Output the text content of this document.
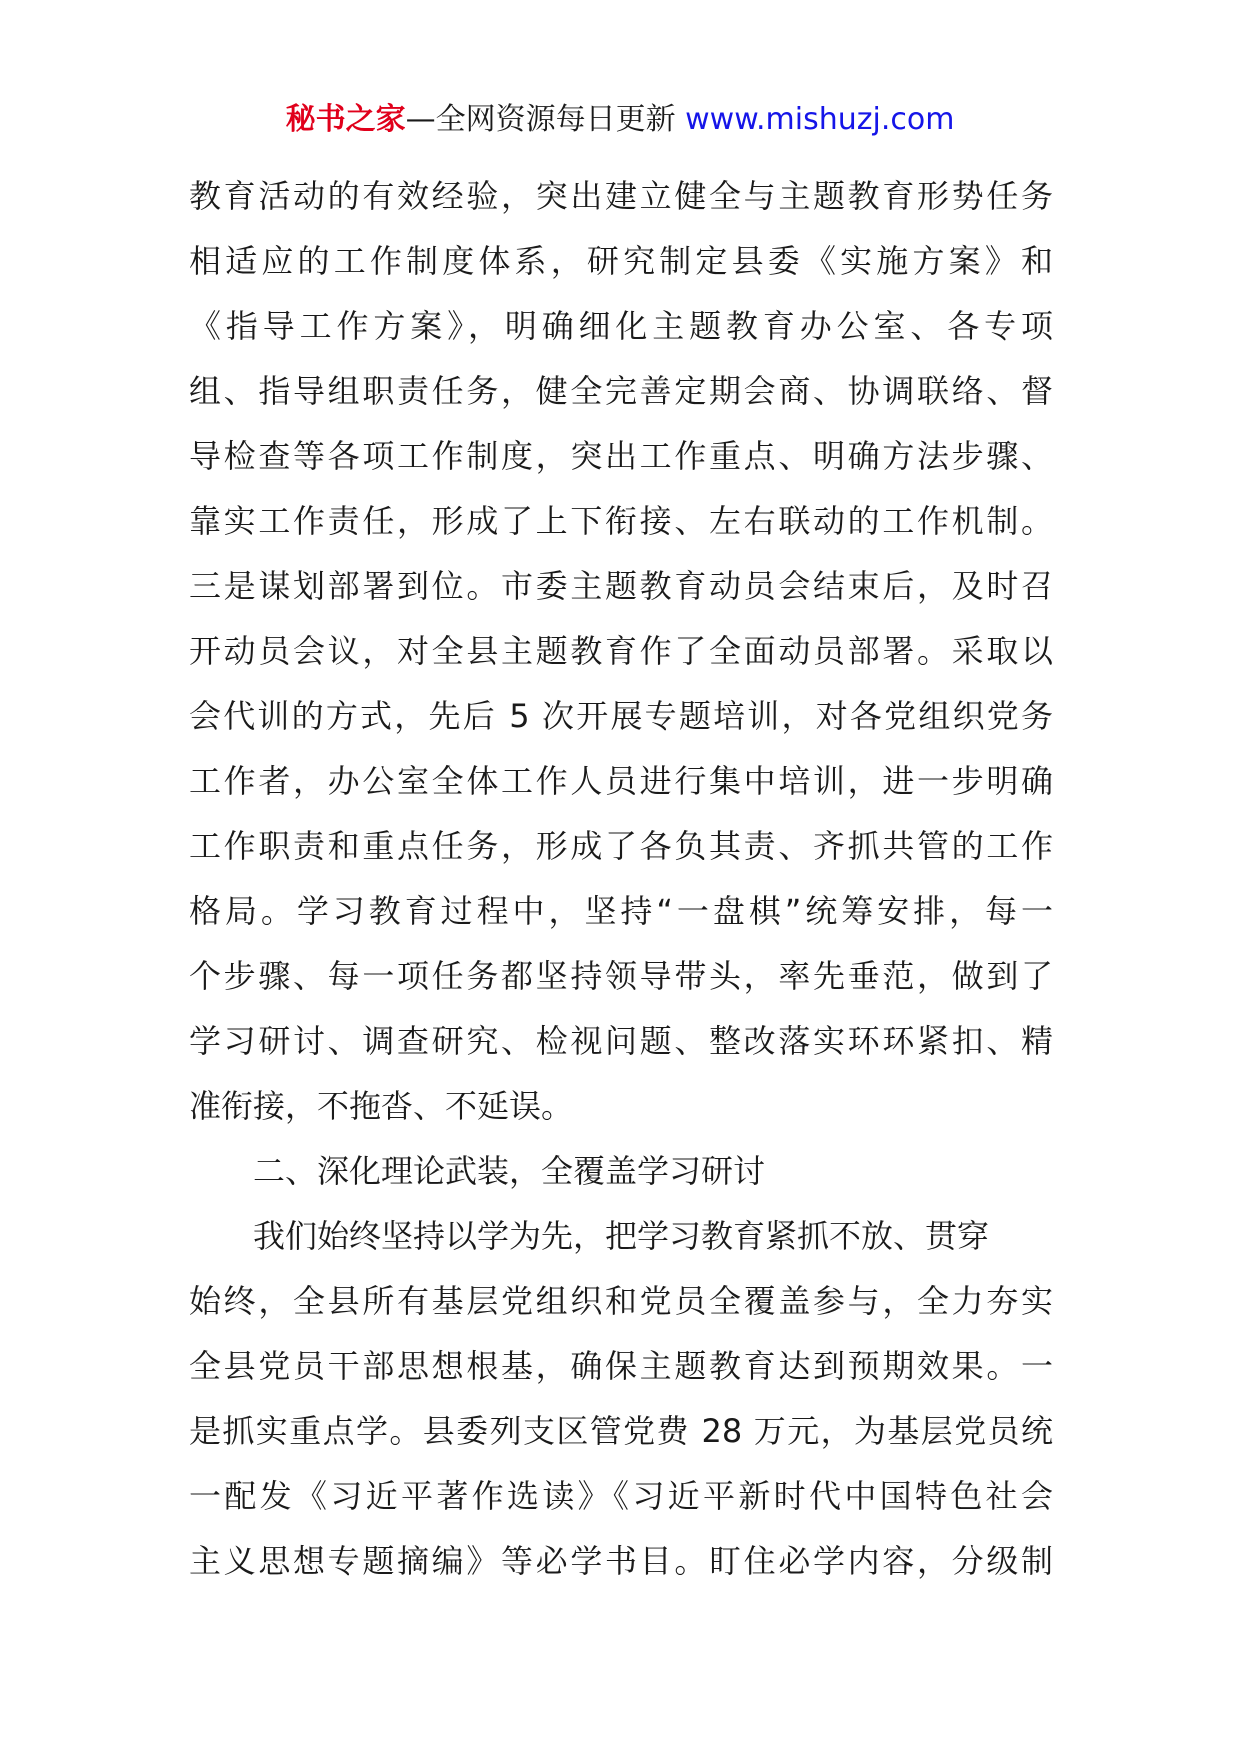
秘书之家—全网资源每日更新 www.mishuzj.com
教育活动的有效经验，突出建立健全与主题教育形势任务
相适应的工作制度体系，研究制定县委《实施方案》和
《指导工作方案》，明确细化主题教育办公室、各专项
组、指导组职责任务，健全完善定期会商、协调联络、督
导检查等各项工作制度，突出工作重点、明确方法步骤、
靠实工作责任，形成了上下衔接、左右联动的工作机制。
三是谋划部署到位。市委主题教育动员会结束后，及时召
开动员会议，对全县主题教育作了全面动员部署。采取以
会代训的方式，先后 5 次开展专题培训，对各党组织党务
工作者，办公室全体工作人员进行集中培训，进一步明确
工作职责和重点任务，形成了各负其责、齐抓共管的工作
格局。学习教育过程中，坚持“一盘棋”统筹安排，每一
个步骤、每一项任务都坚持领导带头，率先垂范，做到了
学习研讨、调查研究、检视问题、整改落实环环紧扣、精
准衔接，不拖沓、不延误。
二、深化理论武装，全覆盖学习研讨
我们始终坚持以学为先，把学习教育紧抓不放、贯穿
始终，全县所有基层党组织和党员全覆盖参与，全力夯实
全县党员干部思想根基，确保主题教育达到预期效果。一
是抓实重点学。县委列支区管党费 28 万元，为基层党员统
一配发《习近平著作选读》《习近平新时代中国特色社会
主义思想专题摘编》等必学书目。盯住必学内容，分级制
